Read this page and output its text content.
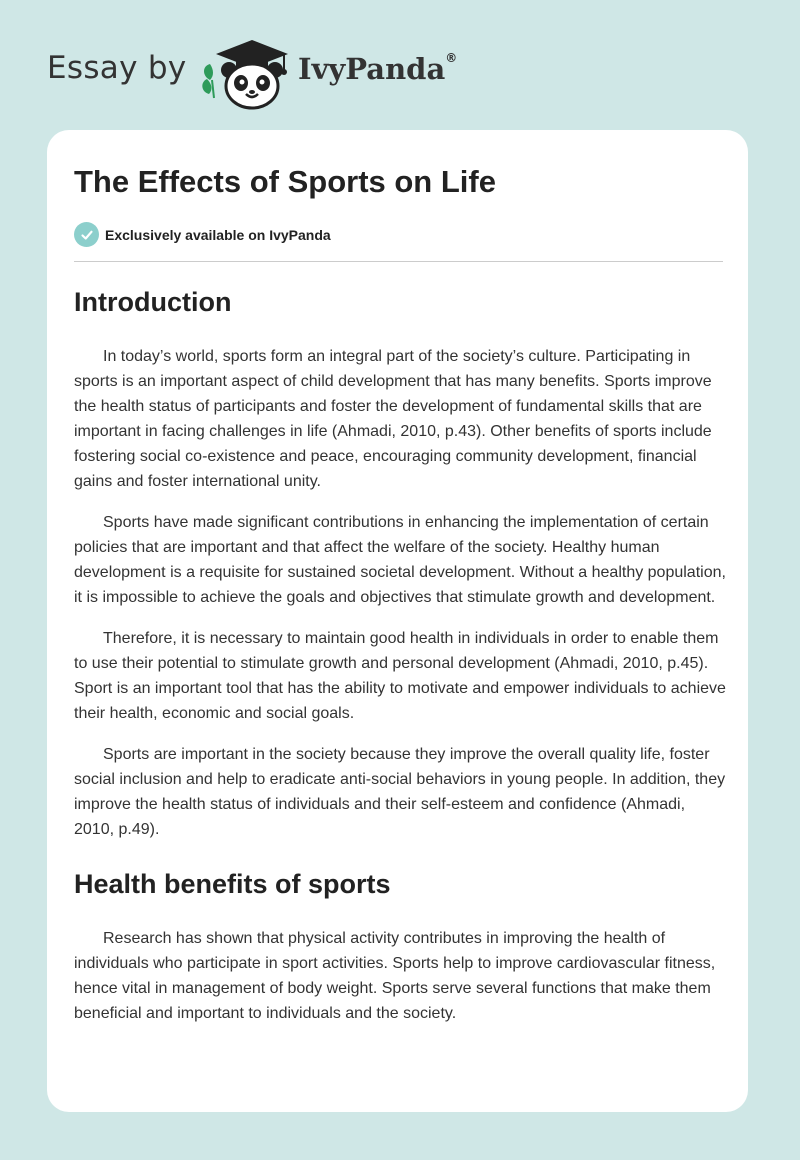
Essay by	IvyPanda®
The Effects of Sports on Life
Exclusively available on IvyPanda
Introduction

In today’s world, sports form an integral part of the society’s culture. Participating in sports is an important aspect of child development that has many benefits. Sports improve the health status of participants and foster the development of fundamental skills that are important in facing challenges in life (Ahmadi, 2010, p.43). Other benefits of sports include fostering social co-existence and peace, encouraging community development, financial gains and foster international unity.

Sports have made significant contributions in enhancing the implementation of certain policies that are important and that affect the welfare of the society. Healthy human development is a requisite for sustained societal development. Without a healthy population, it is impossible to achieve the goals and objectives that stimulate growth and development.

Therefore, it is necessary to maintain good health in individuals in order to enable them to use their potential to stimulate growth and personal development (Ahmadi, 2010, p.45). Sport is an important tool that has the ability to motivate and empower individuals to achieve their health, economic and social goals.

Sports are important in the society because they improve the overall quality life, foster social inclusion and help to eradicate anti-social behaviors in young people. In addition, they improve the health status of individuals and their self-esteem and confidence (Ahmadi, 2010, p.49).

Health benefits of sports

Research has shown that physical activity contributes in improving the health of individuals who participate in sport activities. Sports help to improve cardiovascular fitness, hence vital in management of body weight. Sports serve several functions that make them beneficial and important to individuals and the society.
